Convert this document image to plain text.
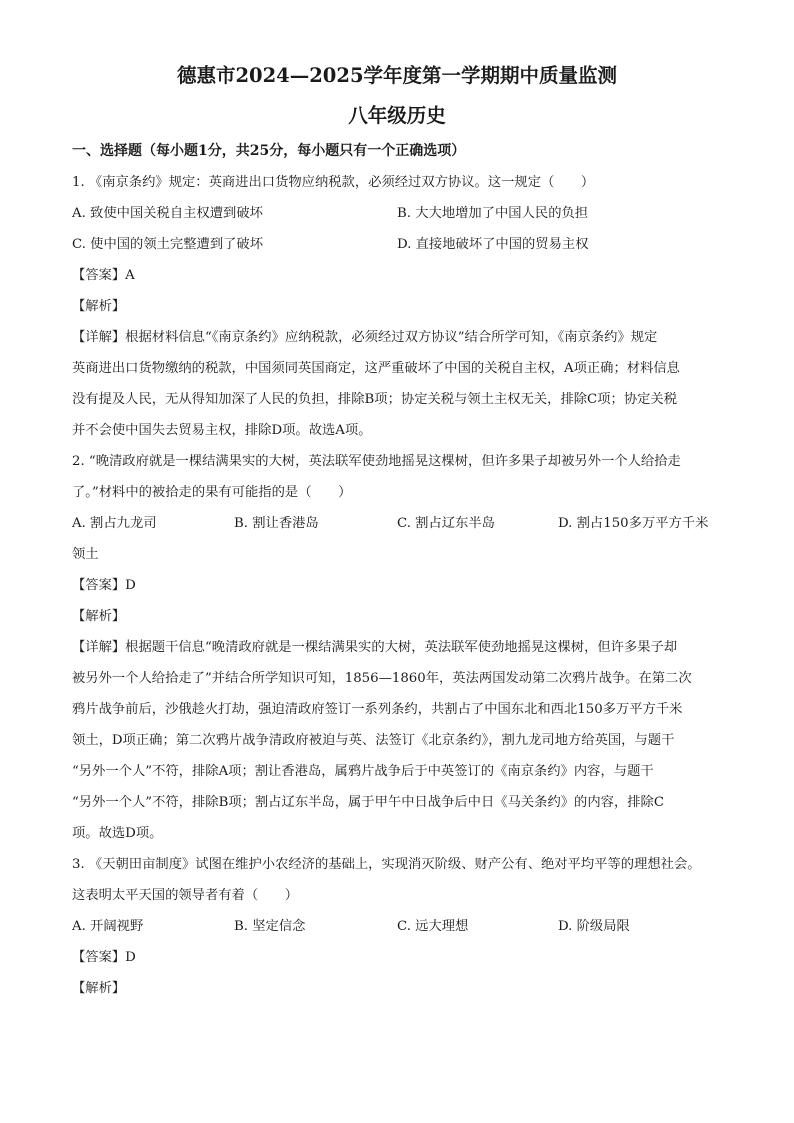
德惠市2024—2025学年度第一学期期中质量监测

八年级历史

一、选择题（每小题1分，共25分，每小题只有一个正确选项）

1. 《南京条约》规定：英商进出口货物应纳税款，必须经过双方协议。这一规定（　　）

A. 致使中国关税自主权遭到破坏	B. 大大地增加了中国人民的负担
C. 使中国的领土完整遭到了破坏	D. 直接地破坏了中国的贸易主权

【答案】A

【解析】

【详解】根据材料信息“《南京条约》应纳税款，必须经过双方协议”结合所学可知，《南京条约》规定

英商进出口货物缴纳的税款，中国须同英国商定，这严重破坏了中国的关税自主权，A项正确；材料信息

没有提及人民，无从得知加深了人民的负担，排除B项；协定关税与领土主权无关，排除C项；协定关税

并不会使中国失去贸易主权，排除D项。故选A项。

2. “晚清政府就是一棵结满果实的大树，英法联军使劲地摇晃这棵树，但许多果子却被另外一个人给拾走

了。”材料中的被拾走的果有可能指的是（　　）

A. 割占九龙司	B. 割让香港岛	C. 割占辽东半岛	D. 割占150多万平方千米

领土

【答案】D

【解析】

【详解】根据题干信息“晚清政府就是一棵结满果实的大树，英法联军使劲地摇晃这棵树，但许多果子却

被另外一个人给拾走了”并结合所学知识可知，1856—1860年，英法两国发动第二次鸦片战争。在第二次

鸦片战争前后，沙俄趁火打劫，强迫清政府签订一系列条约，共割占了中国东北和西北150多万平方千米

领土，D项正确；第二次鸦片战争清政府被迫与英、法签订《北京条约》，割九龙司地方给英国，与题干

“另外一个人”不符，排除A项；割让香港岛，属鸦片战争后于中英签订的《南京条约》内容，与题干

“另外一个人”不符，排除B项；割占辽东半岛，属于甲午中日战争后中日《马关条约》的内容，排除C

项。故选D项。

3. 《天朝田亩制度》试图在维护小农经济的基础上，实现消灭阶级、财产公有、绝对平均平等的理想社会。

这表明太平天国的领导者有着（　　）

A. 开阔视野	B. 坚定信念	C. 远大理想	D. 阶级局限

【答案】D

【解析】
